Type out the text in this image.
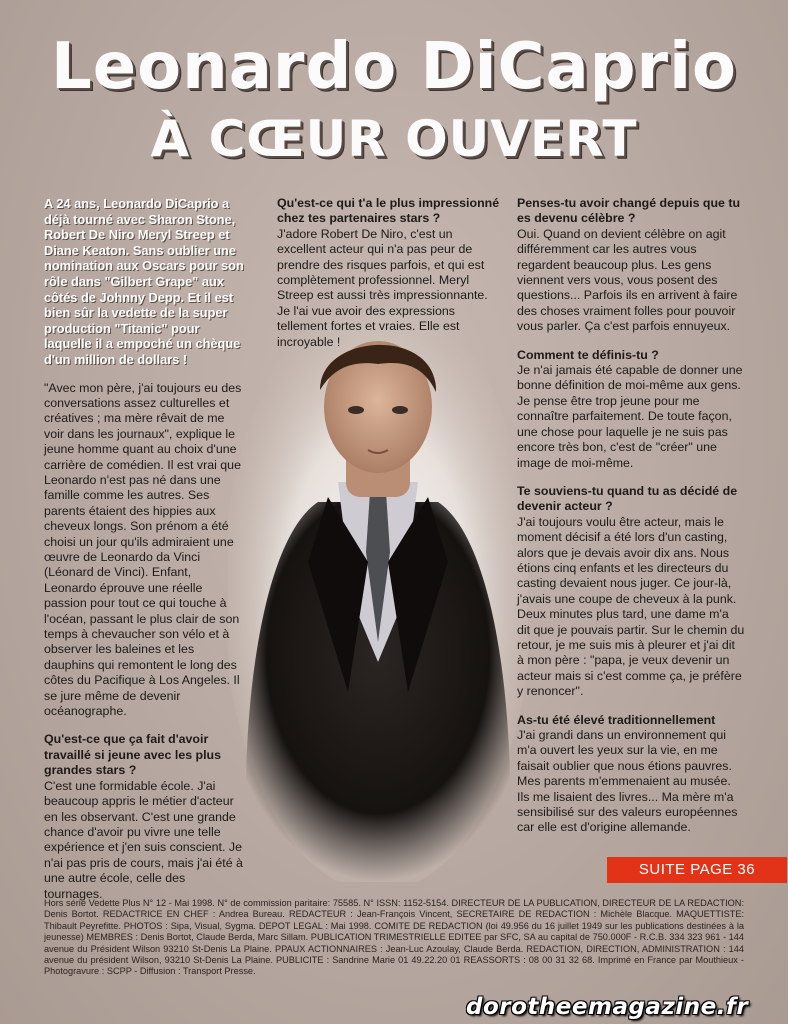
Leonardo DiCaprio
À CŒUR OUVERT

A 24 ans, Leonardo DiCaprio a déjà tourné avec Sharon Stone, Robert De Niro Meryl Streep et Diane Keaton. Sans oublier une nomination aux Oscars pour son rôle dans "Gilbert Grape" aux côtés de Johnny Depp. Et il est bien sûr la vedette de la super production "Titanic" pour laquelle il a empoché un chèque d'un million de dollars !

"Avec mon père, j'ai toujours eu des conversations assez culturelles et créatives ; ma mère rêvait de me voir dans les journaux", explique le jeune homme quant au choix d'une carrière de comédien. Il est vrai que Leonardo n'est pas né dans une famille comme les autres. Ses parents étaient des hippies aux cheveux longs. Son prénom a été choisi un jour qu'ils admiraient une œuvre de Leonardo da Vinci (Léonard de Vinci). Enfant, Leonardo éprouve une réelle passion pour tout ce qui touche à l'océan, passant le plus clair de son temps à chevaucher son vélo et à observer les baleines et les dauphins qui remontent le long des côtes du Pacifique à Los Angeles. Il se jure même de devenir océanographe.

Qu'est-ce que ça fait d'avoir travaillé si jeune avec les plus grandes stars ?

C'est une formidable école. J'ai beaucoup appris le métier d'acteur en les observant. C'est une grande chance d'avoir pu vivre une telle expérience et j'en suis conscient. Je n'ai pas pris de cours, mais j'ai été à une autre école, celle des tournages.

Qu'est-ce qui t'a le plus impressionné chez tes partenaires stars ?

J'adore Robert De Niro, c'est un excellent acteur qui n'a pas peur de prendre des risques parfois, et qui est complètement professionnel. Meryl Streep est aussi très impressionnante. Je l'ai vue avoir des expressions tellement fortes et vraies. Elle est incroyable !

Penses-tu avoir changé depuis que tu es devenu célèbre ?

Oui. Quand on devient célèbre on agit différemment car les autres vous regardent beaucoup plus. Les gens viennent vers vous, vous posent des questions... Parfois ils en arrivent à faire des choses vraiment folles pour pouvoir vous parler. Ça c'est parfois ennuyeux.

Comment te définis-tu ?

Je n'ai jamais été capable de donner une bonne définition de moi-même aux gens. Je pense être trop jeune pour me connaître parfaitement. De toute façon, une chose pour laquelle je ne suis pas encore très bon, c'est de "créer" une image de moi-même.

Te souviens-tu quand tu as décidé de devenir acteur ?

J'ai toujours voulu être acteur, mais le moment décisif a été lors d'un casting, alors que je devais avoir dix ans. Nous étions cinq enfants et les directeurs du casting devaient nous juger. Ce jour-là, j'avais une coupe de cheveux à la punk. Deux minutes plus tard, une dame m'a dit que je pouvais partir. Sur le chemin du retour, je me suis mis à pleurer et j'ai dit à mon père : "papa, je veux devenir un acteur mais si c'est comme ça, je préfère y renoncer".

As-tu été élevé traditionnellement

J'ai grandi dans un environnement qui m'a ouvert les yeux sur la vie, en me faisait oublier que nous étions pauvres. Mes parents m'emmenaient au musée. Ils me lisaient des livres... Ma mère m'a sensibilisé sur des valeurs européennes car elle est d'origine allemande.

SUITE PAGE 36

Hors série Vedette Plus N° 12 - Mai 1998. N° de commission paritaire: 75585. N° ISSN: 1152-5154. DIRECTEUR DE LA PUBLICATION, DIRECTEUR DE LA REDACTION: Denis Bortot. REDACTRICE EN CHEF : Andrea Bureau. REDACTEUR : Jean-François Vincent, SECRETAIRE DE REDACTION : Michèle Blacque. MAQUETTISTE: Thibault Peyrefitte. PHOTOS : Sipa, Visual, Sygma. DEPOT LEGAL : Mai 1998. COMITE DE REDACTION (loi 49.956 du 16 juillet 1949 sur les publications destinées à la jeunesse) MEMBRES : Denis Bortot, Claude Berda, Marc Sillam. PUBLICATION TRIMESTRIELLE EDITEE par SFC, SA au capital de 750.000F - R.C.B. 334 323 961 - 144 avenue du Président Wilson 93210 St-Denis La Plaine. PPAUX ACTIONNAIRES : Jean-Luc Azoulay, Claude Berda. REDACTION, DIRECTION, ADMINISTRATION : 144 avenue du président Wilson, 93210 St-Denis La Plaine. PUBLICITE : Sandrine Marie 01 49.22.20 01 REASSORTS : 08 00 31 32 68. Imprimé en France par Mouthieux - Photogravure : SCPP - Diffusion : Transport Presse.

dorotheemagazine.fr
